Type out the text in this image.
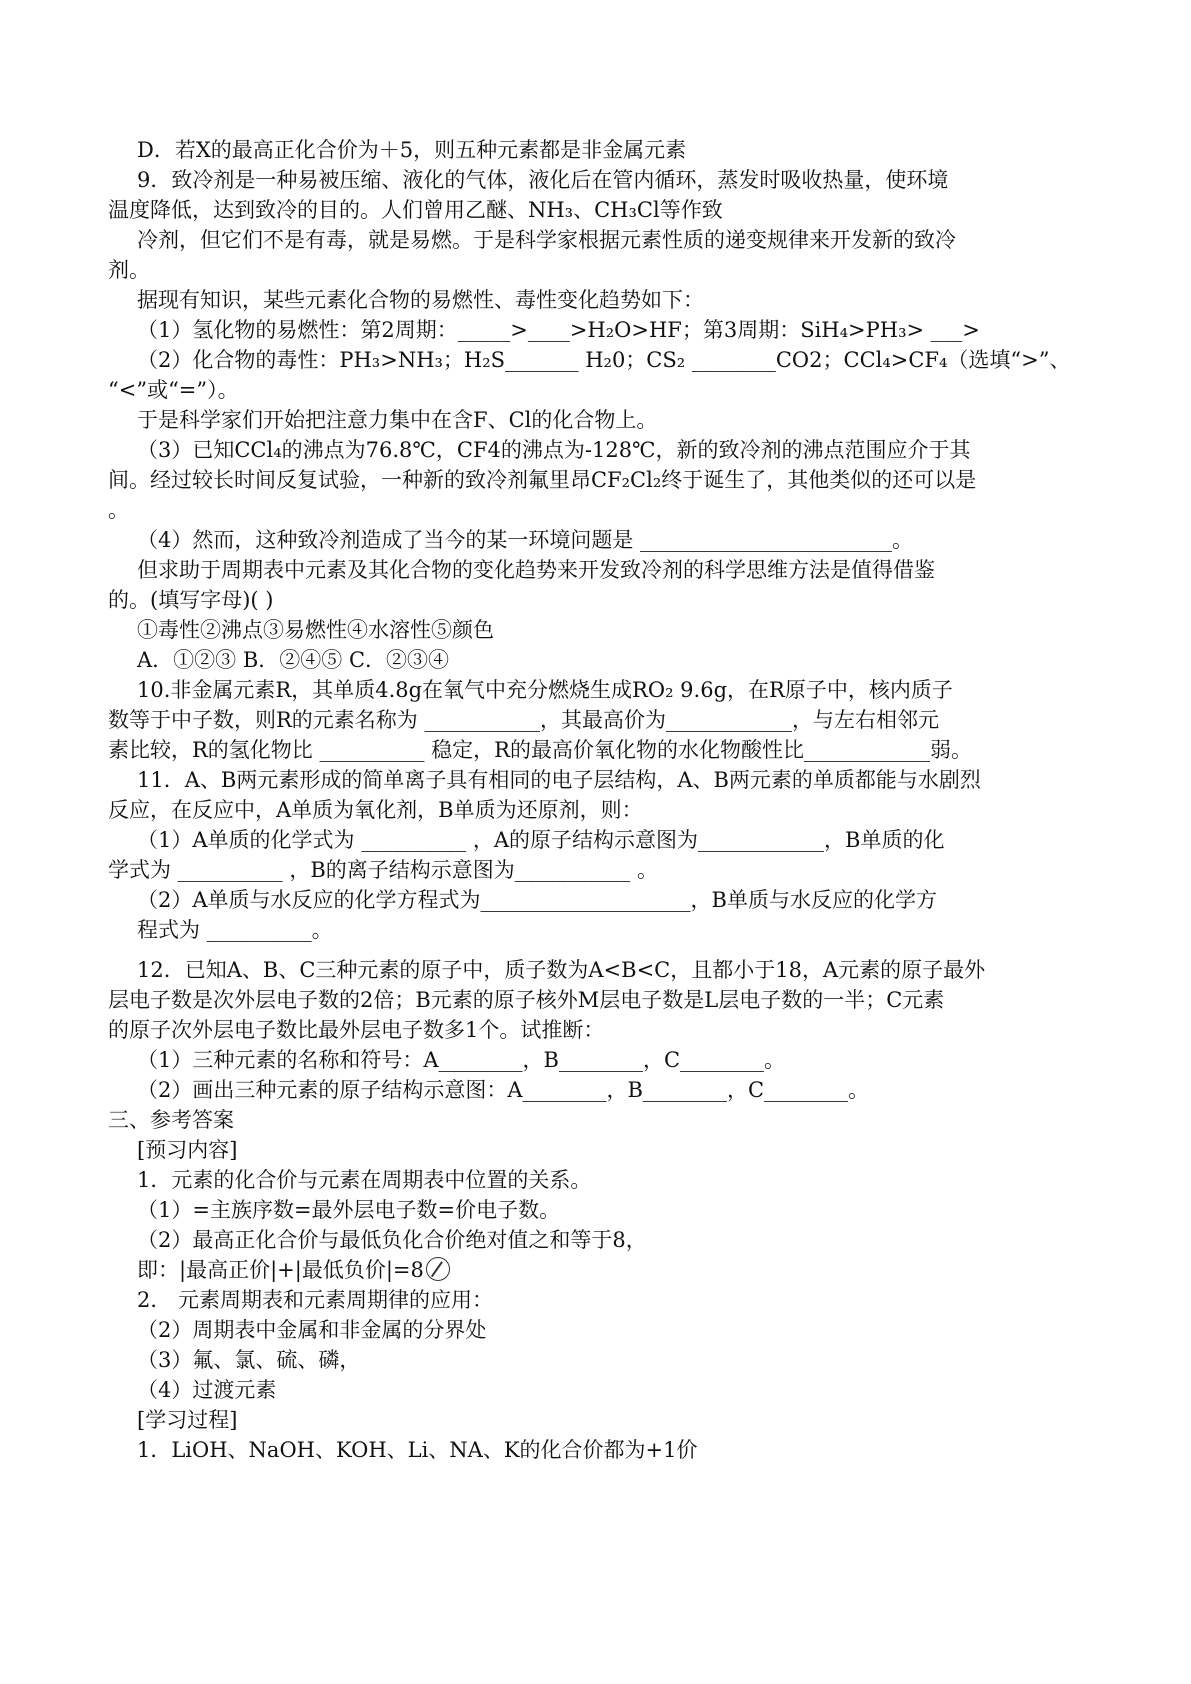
D．若X的最高正化合价为＋5，则五种元素都是非金属元素
9．致冷剂是一种易被压缩、液化的气体，液化后在管内循环，蒸发时吸收热量，使环境
温度降低，达到致冷的目的。人们曾用乙醚、NH₃、CH₃Cl等作致
冷剂，但它们不是有毒，就是易燃。于是科学家根据元素性质的递变规律来开发新的致冷
剂。
据现有知识，某些元素化合物的易燃性、毒性变化趋势如下：
（1）氢化物的易燃性：第2周期：_____>____>H₂O>HF；第3周期：SiH₄>PH₃> ___>
（2）化合物的毒性：PH₃>NH₃；H₂S_______ H₂0；CS₂ ________CO2；CCl₄>CF₄（选填“>”、
“<”或“=”）。
于是科学家们开始把注意力集中在含F、Cl的化合物上。
（3）已知CCl₄的沸点为76.8℃，CF4的沸点为-128℃，新的致冷剂的沸点范围应介于其
间。经过较长时间反复试验，一种新的致冷剂氟里昂CF₂Cl₂终于诞生了，其他类似的还可以是
。
（4）然而，这种致冷剂造成了当今的某一环境问题是 ________________________。
但求助于周期表中元素及其化合物的变化趋势来开发致冷剂的科学思维方法是值得借鉴
的。(填写字母)( )
①毒性②沸点③易燃性④水溶性⑤颜色
A．①②③ B．②④⑤ C．②③④
10.非金属元素R，其单质4.8g在氧气中充分燃烧生成RO₂ 9.6g，在R原子中，核内质子
数等于中子数，则R的元素名称为 ___________，其最高价为____________，与左右相邻元
素比较，R的氢化物比 __________ 稳定，R的最高价氧化物的水化物酸性比____________弱。
11．A、B两元素形成的简单离子具有相同的电子层结构，A、B两元素的单质都能与水剧烈
反应，在反应中，A单质为氧化剂，B单质为还原剂，则：
（1）A单质的化学式为 __________ ，A的原子结构示意图为____________，B单质的化
学式为 __________ ，B的离子结构示意图为___________ 。
（2）A单质与水反应的化学方程式为____________________，B单质与水反应的化学方
程式为 __________。
12．已知A、B、C三种元素的原子中，质子数为A<B<C，且都小于18，A元素的原子最外
层电子数是次外层电子数的2倍；B元素的原子核外M层电子数是L层电子数的一半；C元素
的原子次外层电子数比最外层电子数多1个。试推断：
（1）三种元素的名称和符号：A________，B________，C________。
（2）画出三种元素的原子结构示意图：A________，B________，C________。
三、参考答案
[预习内容]
1．元素的化合价与元素在周期表中位置的关系。
（1）=主族序数=最外层电子数=价电子数。
（2）最高正化合价与最低负化合价绝对值之和等于8，
即：|最高正价|+|最低负价|=8
2． 元素周期表和元素周期律的应用：
（2）周期表中金属和非金属的分界处
（3）氟、氯、硫、磷，
（4）过渡元素
[学习过程]
1．LiOH、NaOH、KOH、Li、NA、K的化合价都为+1价
